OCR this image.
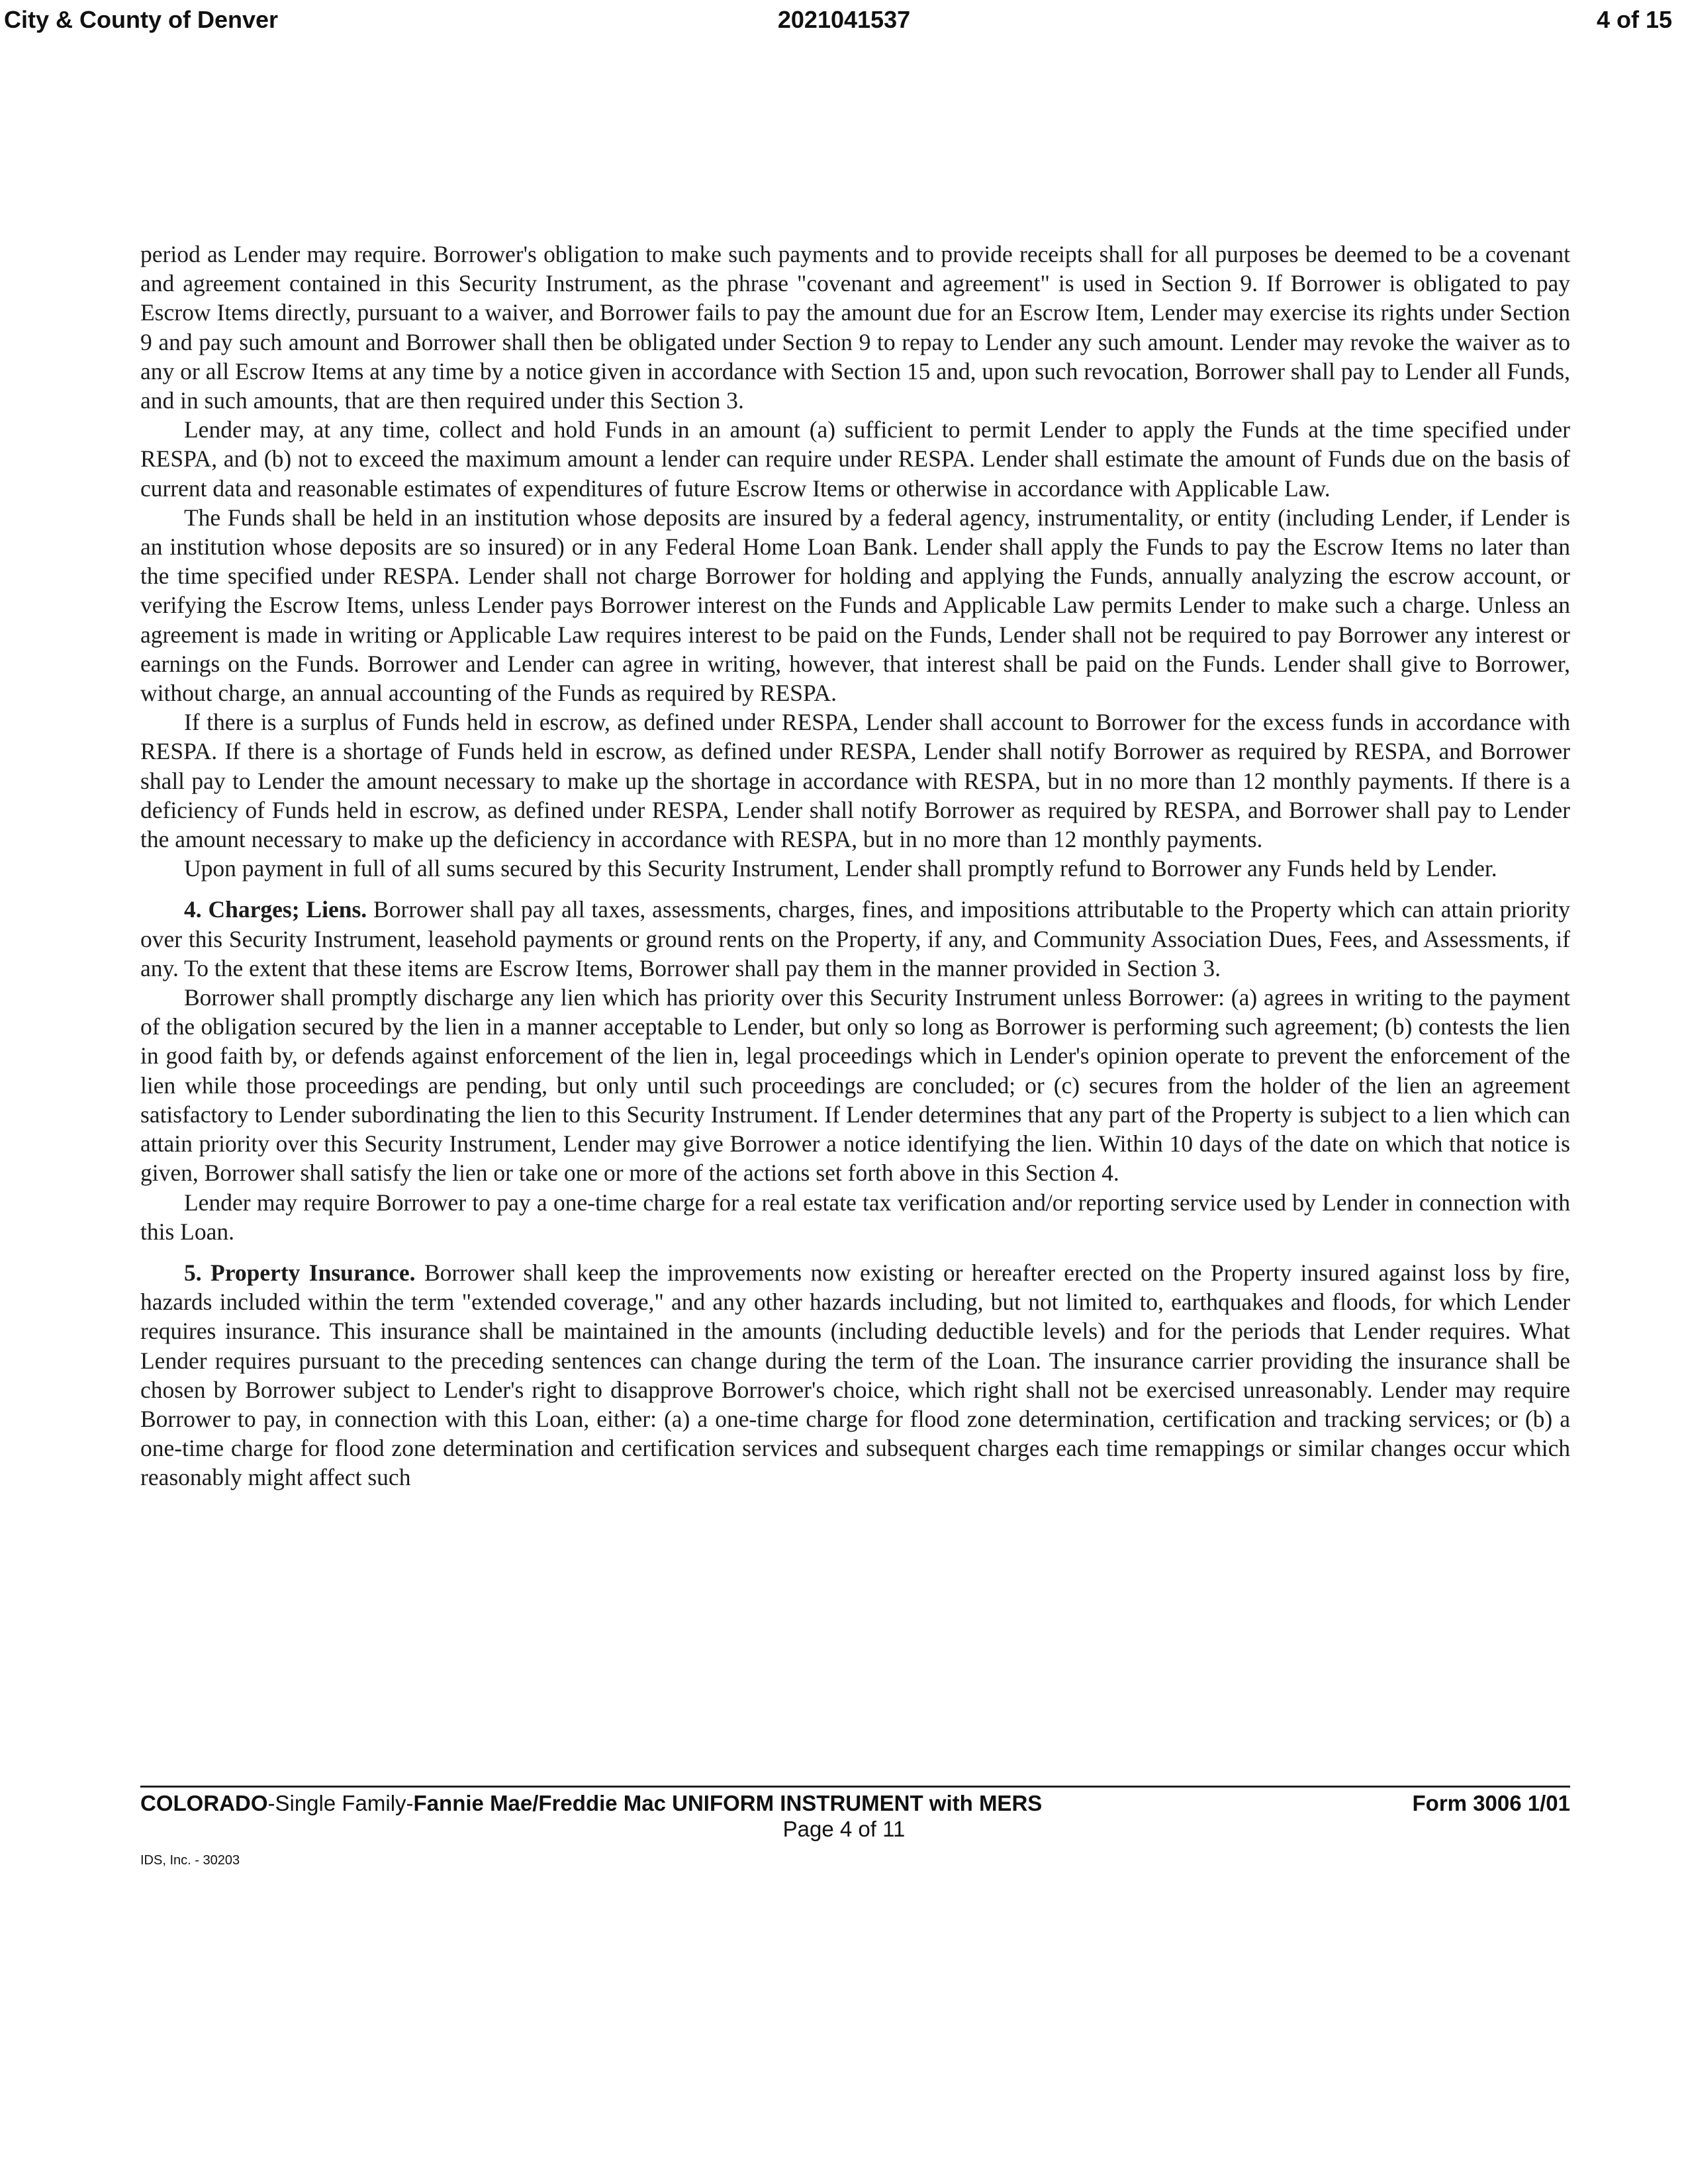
City & County of Denver	2021041537	4 of 15

period as Lender may require. Borrower's obligation to make such payments and to provide receipts shall for all purposes be deemed to be a covenant and agreement contained in this Security Instrument, as the phrase "covenant and agreement" is used in Section 9. If Borrower is obligated to pay Escrow Items directly, pursuant to a waiver, and Borrower fails to pay the amount due for an Escrow Item, Lender may exercise its rights under Section 9 and pay such amount and Borrower shall then be obligated under Section 9 to repay to Lender any such amount. Lender may revoke the waiver as to any or all Escrow Items at any time by a notice given in accordance with Section 15 and, upon such revocation, Borrower shall pay to Lender all Funds, and in such amounts, that are then required under this Section 3.

Lender may, at any time, collect and hold Funds in an amount (a) sufficient to permit Lender to apply the Funds at the time specified under RESPA, and (b) not to exceed the maximum amount a lender can require under RESPA. Lender shall estimate the amount of Funds due on the basis of current data and reasonable estimates of expenditures of future Escrow Items or otherwise in accordance with Applicable Law.

The Funds shall be held in an institution whose deposits are insured by a federal agency, instrumentality, or entity (including Lender, if Lender is an institution whose deposits are so insured) or in any Federal Home Loan Bank. Lender shall apply the Funds to pay the Escrow Items no later than the time specified under RESPA. Lender shall not charge Borrower for holding and applying the Funds, annually analyzing the escrow account, or verifying the Escrow Items, unless Lender pays Borrower interest on the Funds and Applicable Law permits Lender to make such a charge. Unless an agreement is made in writing or Applicable Law requires interest to be paid on the Funds, Lender shall not be required to pay Borrower any interest or earnings on the Funds. Borrower and Lender can agree in writing, however, that interest shall be paid on the Funds. Lender shall give to Borrower, without charge, an annual accounting of the Funds as required by RESPA.

If there is a surplus of Funds held in escrow, as defined under RESPA, Lender shall account to Borrower for the excess funds in accordance with RESPA. If there is a shortage of Funds held in escrow, as defined under RESPA, Lender shall notify Borrower as required by RESPA, and Borrower shall pay to Lender the amount necessary to make up the shortage in accordance with RESPA, but in no more than 12 monthly payments. If there is a deficiency of Funds held in escrow, as defined under RESPA, Lender shall notify Borrower as required by RESPA, and Borrower shall pay to Lender the amount necessary to make up the deficiency in accordance with RESPA, but in no more than 12 monthly payments.

Upon payment in full of all sums secured by this Security Instrument, Lender shall promptly refund to Borrower any Funds held by Lender.

4. Charges; Liens. Borrower shall pay all taxes, assessments, charges, fines, and impositions attributable to the Property which can attain priority over this Security Instrument, leasehold payments or ground rents on the Property, if any, and Community Association Dues, Fees, and Assessments, if any. To the extent that these items are Escrow Items, Borrower shall pay them in the manner provided in Section 3.

Borrower shall promptly discharge any lien which has priority over this Security Instrument unless Borrower: (a) agrees in writing to the payment of the obligation secured by the lien in a manner acceptable to Lender, but only so long as Borrower is performing such agreement; (b) contests the lien in good faith by, or defends against enforcement of the lien in, legal proceedings which in Lender's opinion operate to prevent the enforcement of the lien while those proceedings are pending, but only until such proceedings are concluded; or (c) secures from the holder of the lien an agreement satisfactory to Lender subordinating the lien to this Security Instrument. If Lender determines that any part of the Property is subject to a lien which can attain priority over this Security Instrument, Lender may give Borrower a notice identifying the lien. Within 10 days of the date on which that notice is given, Borrower shall satisfy the lien or take one or more of the actions set forth above in this Section 4.

Lender may require Borrower to pay a one-time charge for a real estate tax verification and/or reporting service used by Lender in connection with this Loan.

5. Property Insurance. Borrower shall keep the improvements now existing or hereafter erected on the Property insured against loss by fire, hazards included within the term "extended coverage," and any other hazards including, but not limited to, earthquakes and floods, for which Lender requires insurance. This insurance shall be maintained in the amounts (including deductible levels) and for the periods that Lender requires. What Lender requires pursuant to the preceding sentences can change during the term of the Loan. The insurance carrier providing the insurance shall be chosen by Borrower subject to Lender's right to disapprove Borrower's choice, which right shall not be exercised unreasonably. Lender may require Borrower to pay, in connection with this Loan, either: (a) a one-time charge for flood zone determination, certification and tracking services; or (b) a one-time charge for flood zone determination and certification services and subsequent charges each time remappings or similar changes occur which reasonably might affect such

COLORADO-Single Family-Fannie Mae/Freddie Mac UNIFORM INSTRUMENT with MERS	Form 3006 1/01
Page 4 of 11
IDS, Inc. - 30203
